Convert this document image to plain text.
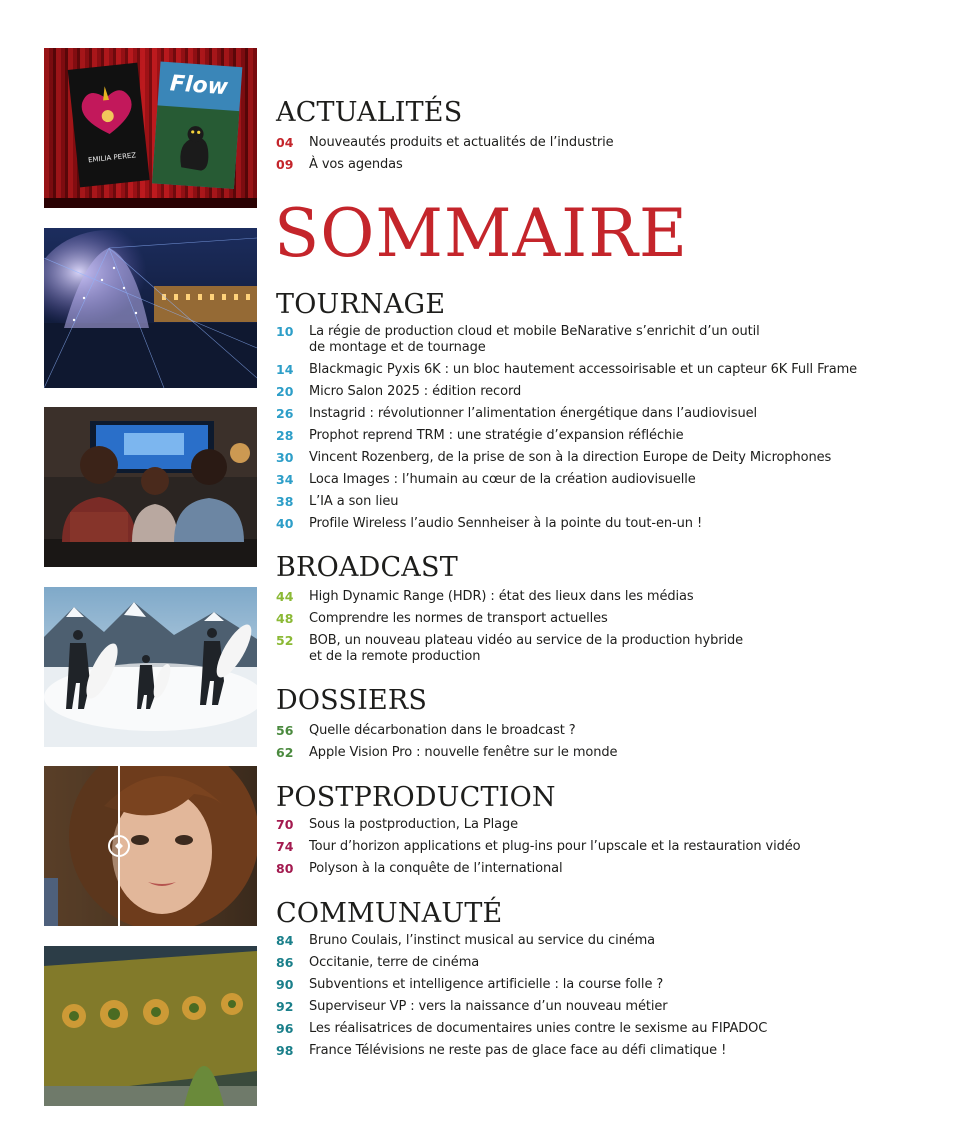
EMILIA PEREZ
Flow
ACTUALITÉS
04	Nouveautés produits et actualités de l’industrie
09	À vos agendas
SOMMAIRE
TOURNAGE
10	La régie de production cloud et mobile BeNarative s’enrichit d’un outil
de montage et de tournage
14	Blackmagic Pyxis 6K : un bloc hautement accessoirisable et un capteur 6K Full Frame
20	Micro Salon 2025 : édition record
26	Instagrid : révolutionner l’alimentation énergétique dans l’audiovisuel
28	Prophot reprend TRM : une stratégie d’expansion réfléchie
30	Vincent Rozenberg, de la prise de son à la direction Europe de Deity Microphones
34	Loca Images : l’humain au cœur de la création audiovisuelle
38	L’IA a son lieu
40	Profile Wireless l’audio Sennheiser à la pointe du tout-en-un !
BROADCAST
44	High Dynamic Range (HDR) : état des lieux dans les médias
48	Comprendre les normes de transport actuelles
52	BOB, un nouveau plateau vidéo au service de la production hybride
et de la remote production
DOSSIERS
56	Quelle décarbonation dans le broadcast ?
62	Apple Vision Pro : nouvelle fenêtre sur le monde
POSTPRODUCTION
70	Sous la postproduction, La Plage
74	Tour d’horizon applications et plug-ins pour l’upscale et la restauration vidéo
80	Polyson à la conquête de l’international
COMMUNAUTÉ
84	Bruno Coulais, l’instinct musical au service du cinéma
86	Occitanie, terre de cinéma
90	Subventions et intelligence artificielle : la course folle ?
92	Superviseur VP : vers la naissance d’un nouveau métier
96	Les réalisatrices de documentaires unies contre le sexisme au FIPADOC
98	France Télévisions ne reste pas de glace face au défi climatique !
